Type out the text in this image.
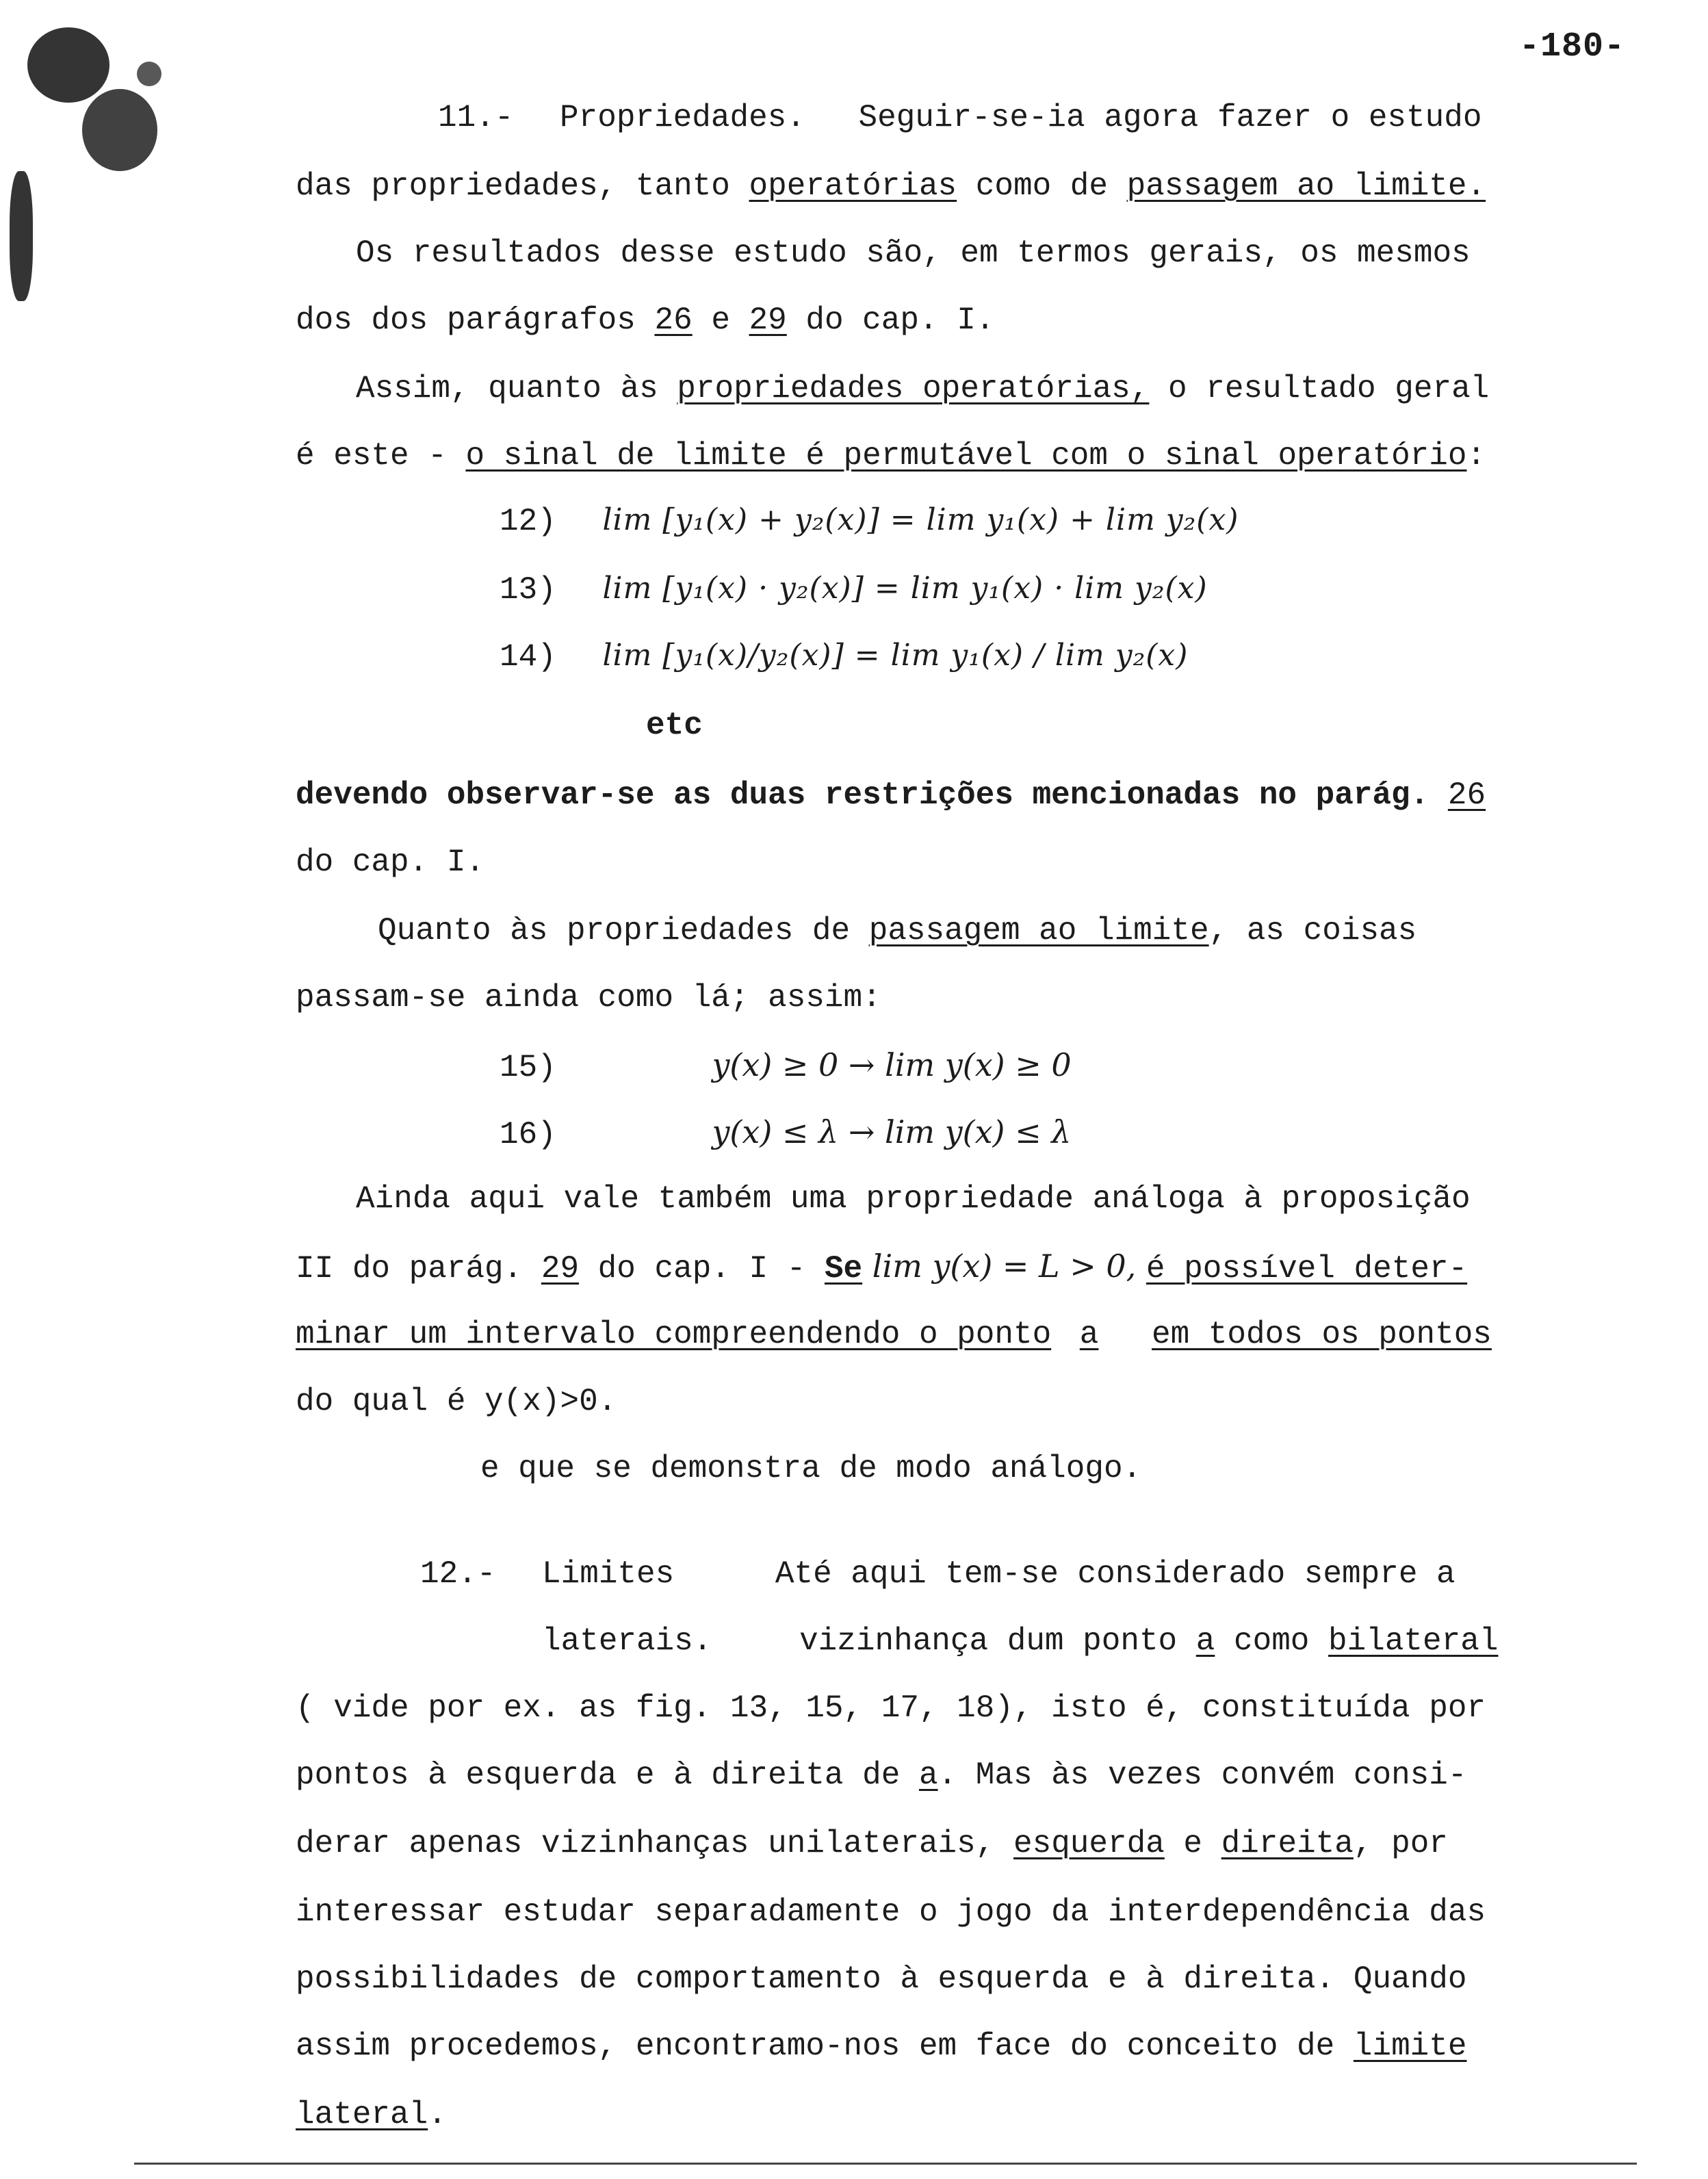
-180-
11.- Propriedades. Seguir-se-ia agora fazer o estudo
das propriedades, tanto operatórias como de passagem ao limite.
Os resultados desse estudo são, em termos gerais, os mesmos
dos dos parágrafos 26 e 29 do cap. I.
Assim, quanto às propriedades operatórias, o resultado geral
é este - o sinal de limite é permutável com o sinal operatório:
12) lim [y₁(x) + y₂(x)] = lim y₁(x) + lim y₂(x)
13) lim [y₁(x) · y₂(x)] = lim y₁(x) · lim y₂(x)
14) lim [y₁(x)/y₂(x)] = lim y₁(x) / lim y₂(x)
etc
devendo observar-se as duas restrições mencionadas no parág. 26
do cap. I.
Quanto às propriedades de passagem ao limite, as coisas
passam-se ainda como lá; assim:
15)	y(x) ≥ 0 → lim y(x) ≥ 0
16)	y(x) ≤ λ → lim y(x) ≤ λ
Ainda aqui vale também uma propriedade análoga à proposição
II do parág. 29 do cap. I - Se lim y(x) = L > 0, é possível deter-
minar um intervalo compreendendo o ponto a em todos os pontos
do qual é y(x)>0.
e que se demonstra de modo análogo.
12.- Limites	Até aqui tem-se considerado sempre a
laterais.	vizinhança dum ponto a como bilateral
( vide por ex. as fig. 13, 15, 17, 18), isto é, constituída por
pontos à esquerda e à direita de a. Mas às vezes convém consi-
derar apenas vizinhanças unilaterais, esquerda e direita, por
interessar estudar separadamente o jogo da interdependência das
possibilidades de comportamento à esquerda e à direita. Quando
assim procedemos, encontramo-nos em face do conceito de limite
lateral.
